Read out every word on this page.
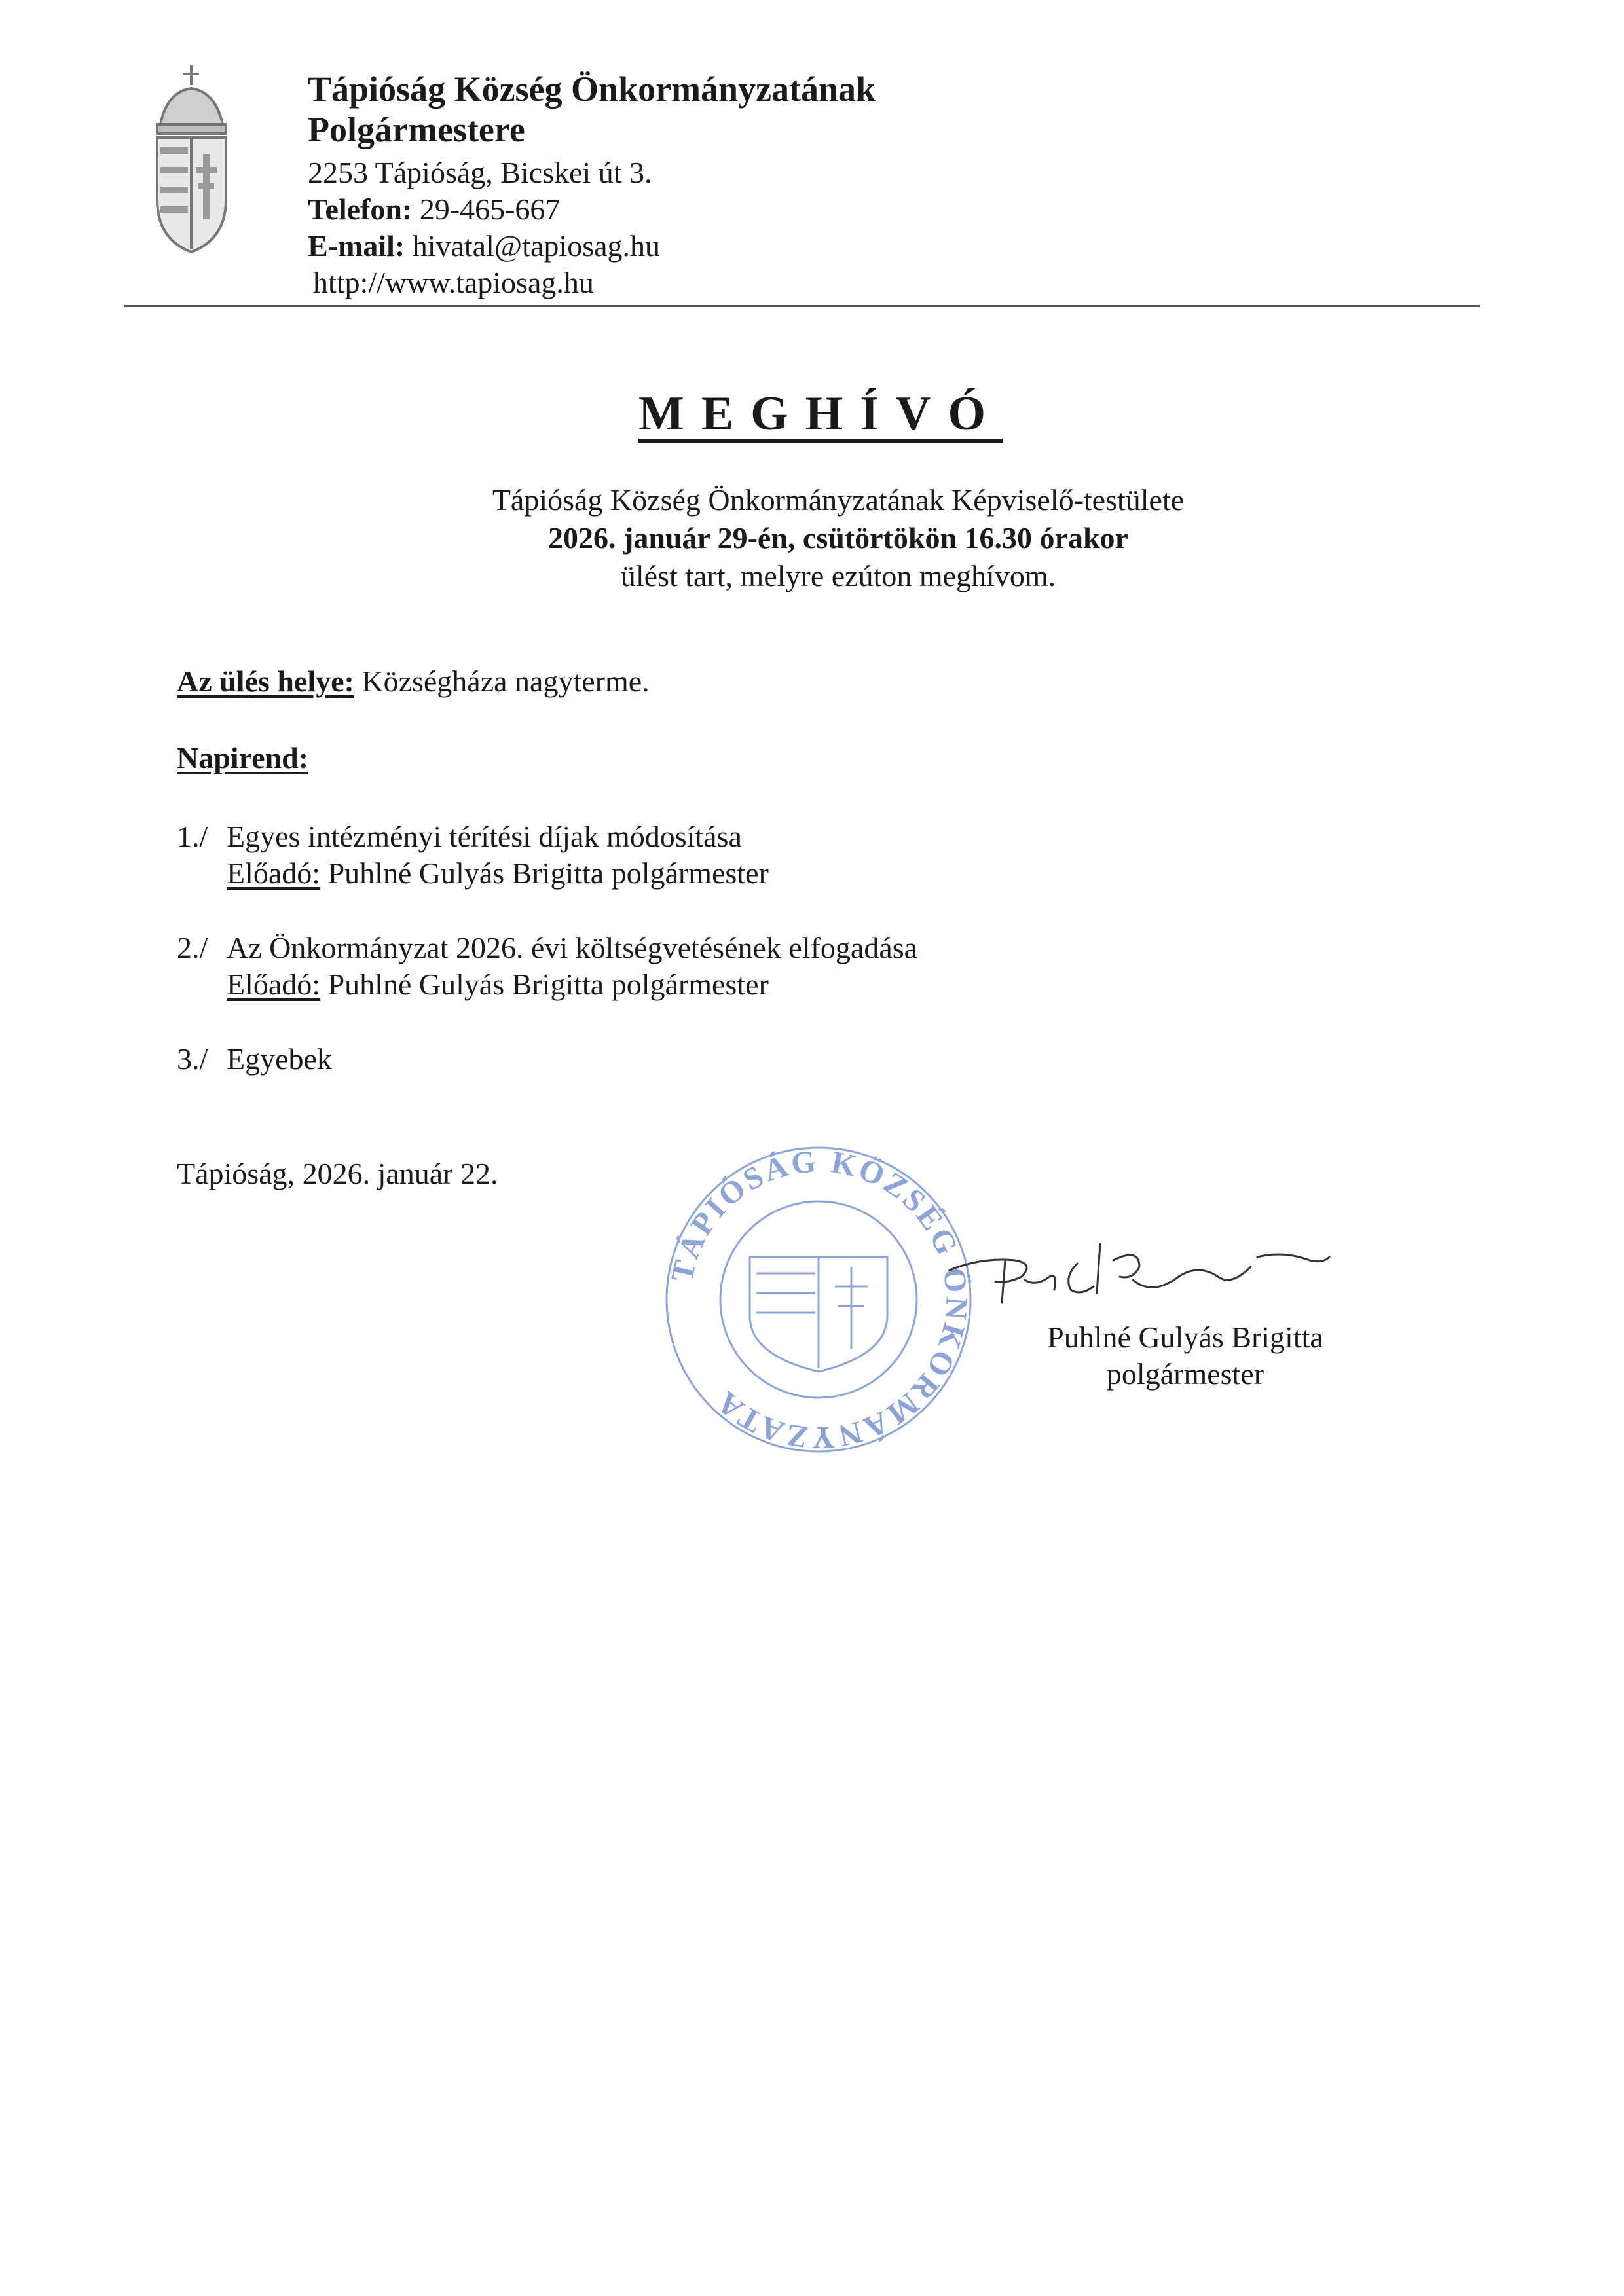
Tápióság Község Önkormányzatának
Polgármestere
2253 Tápióság, Bicskei út 3.
Telefon: 29-465-667
E-mail: hivatal@tapiosag.hu
http://www.tapiosag.hu
MEGHÍVÓ
Tápióság Község Önkormányzatának Képviselő-testülete
2026. január 29-én, csütörtökön 16.30 órakor
ülést tart, melyre ezúton meghívom.
Az ülés helye: Községháza nagyterme.
Napirend:
1./ Egyes intézményi térítési díjak módosítása
Előadó: Puhlné Gulyás Brigitta polgármester
2./ Az Önkormányzat 2026. évi költségvetésének elfogadása
Előadó: Puhlné Gulyás Brigitta polgármester
3./ Egyebek
Tápióság, 2026. január 22.
TÁPIÓSÁG KÖZSÉG ÖNKORMÁNYZATA
Puhlné Gulyás Brigitta
polgármester
